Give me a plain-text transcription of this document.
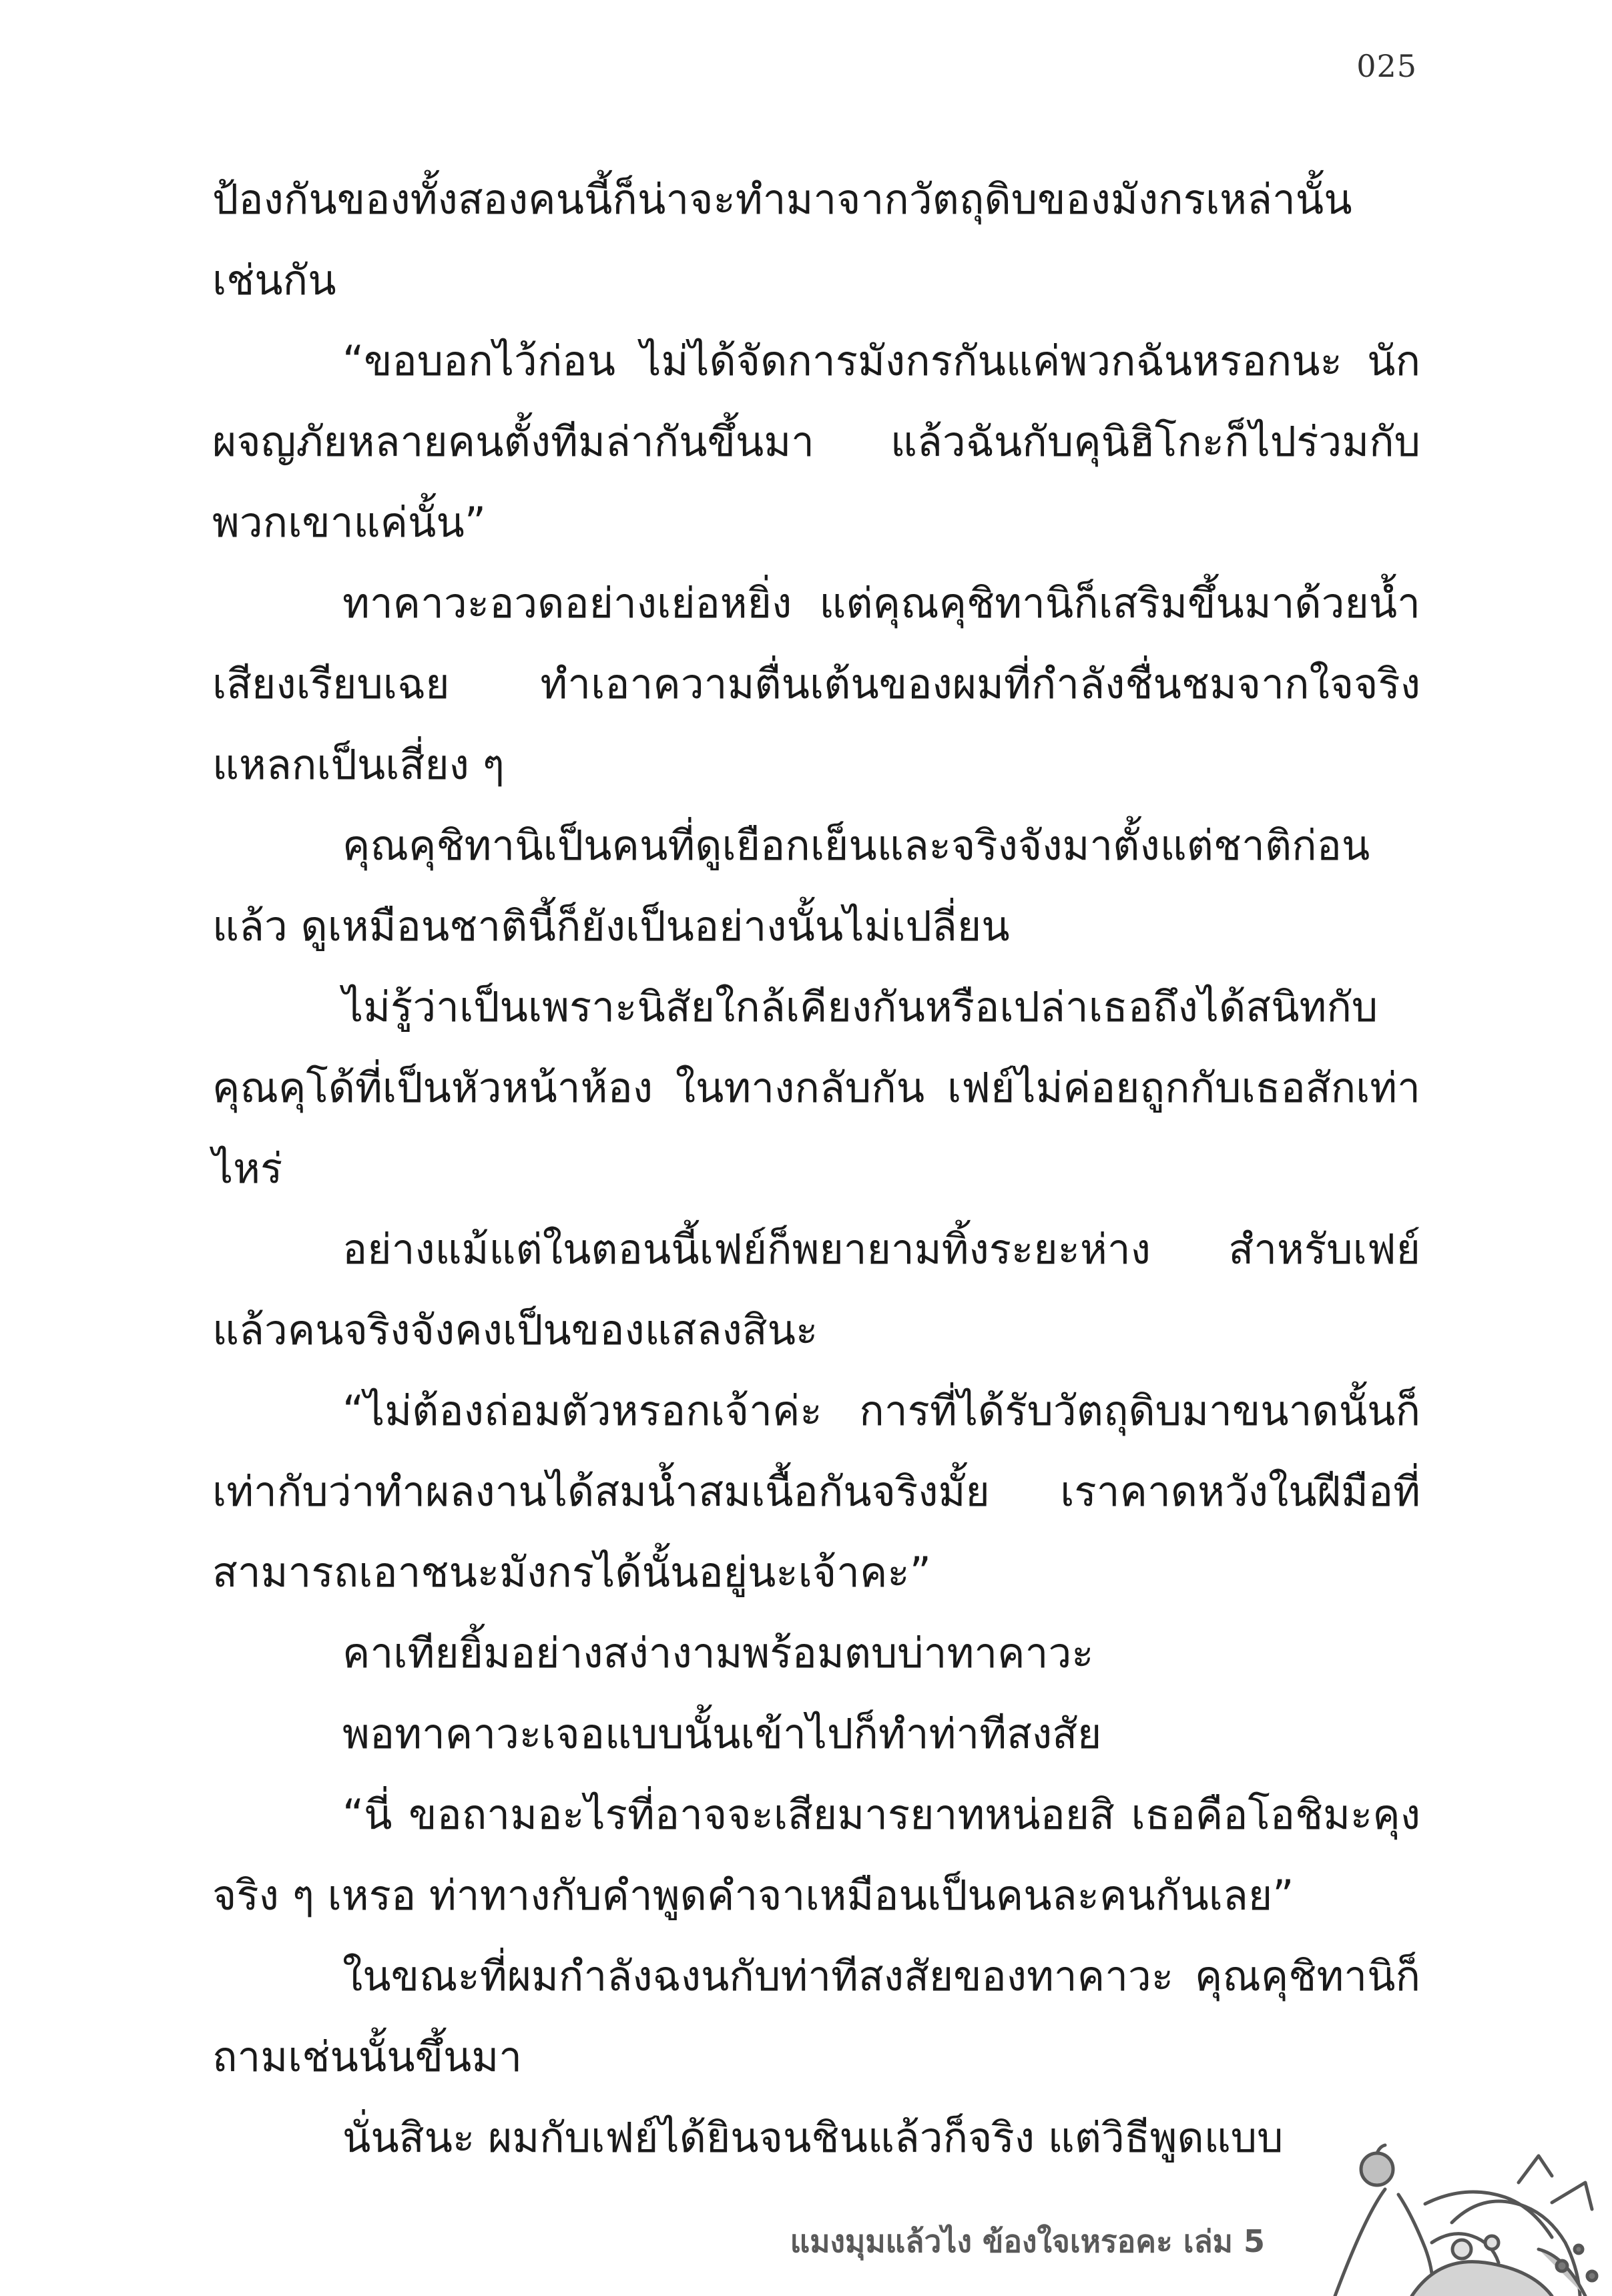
025

ป้องกันของทั้งสองคนนี้ก็น่าจะทำมาจากวัตถุดิบของมังกรเหล่านั้นเช่นกัน

“ขอบอกไว้ก่อน ไม่ได้จัดการมังกรกันแค่พวกฉันหรอกนะ นักผจญภัยหลายคนตั้งทีมล่ากันขึ้นมา แล้วฉันกับคุนิฮิโกะก็ไปร่วมกับพวกเขาแค่นั้น”

ทาคาวะอวดอย่างเย่อหยิ่ง แต่คุณคุชิทานิก็เสริมขึ้นมาด้วยน้ำเสียงเรียบเฉย ทำเอาความตื่นเต้นของผมที่กำลังชื่นชมจากใจจริงแหลกเป็นเสี่ยง ๆ

คุณคุชิทานิเป็นคนที่ดูเยือกเย็นและจริงจังมาตั้งแต่ชาติก่อนแล้ว ดูเหมือนชาตินี้ก็ยังเป็นอย่างนั้นไม่เปลี่ยน

ไม่รู้ว่าเป็นเพราะนิสัยใกล้เคียงกันหรือเปล่าเธอถึงได้สนิทกับคุณคุโด้ที่เป็นหัวหน้าห้อง ในทางกลับกัน เฟย์ไม่ค่อยถูกกับเธอสักเท่าไหร่

อย่างแม้แต่ในตอนนี้เฟย์ก็พยายามทิ้งระยะห่าง สำหรับเฟย์แล้วคนจริงจังคงเป็นของแสลงสินะ

“ไม่ต้องถ่อมตัวหรอกเจ้าค่ะ การที่ได้รับวัตถุดิบมาขนาดนั้นก็เท่ากับว่าทำผลงานได้สมน้ำสมเนื้อกันจริงมั้ย เราคาดหวังในฝีมือที่สามารถเอาชนะมังกรได้นั้นอยู่นะเจ้าคะ”

คาเทียยิ้มอย่างสง่างามพร้อมตบบ่าทาคาวะ

พอทาคาวะเจอแบบนั้นเข้าไปก็ทำท่าทีสงสัย

“นี่ ขอถามอะไรที่อาจจะเสียมารยาทหน่อยสิ เธอคือโอชิมะคุงจริง ๆ เหรอ ท่าทางกับคำพูดคำจาเหมือนเป็นคนละคนกันเลย”

ในขณะที่ผมกำลังฉงนกับท่าทีสงสัยของทาคาวะ คุณคุชิทานิก็ถามเช่นนั้นขึ้นมา

นั่นสินะ ผมกับเฟย์ได้ยินจนชินแล้วก็จริง แต่วิธีพูดแบบ

แมงมุมแล้วไง ข้องใจเหรอคะ เล่ม 5
